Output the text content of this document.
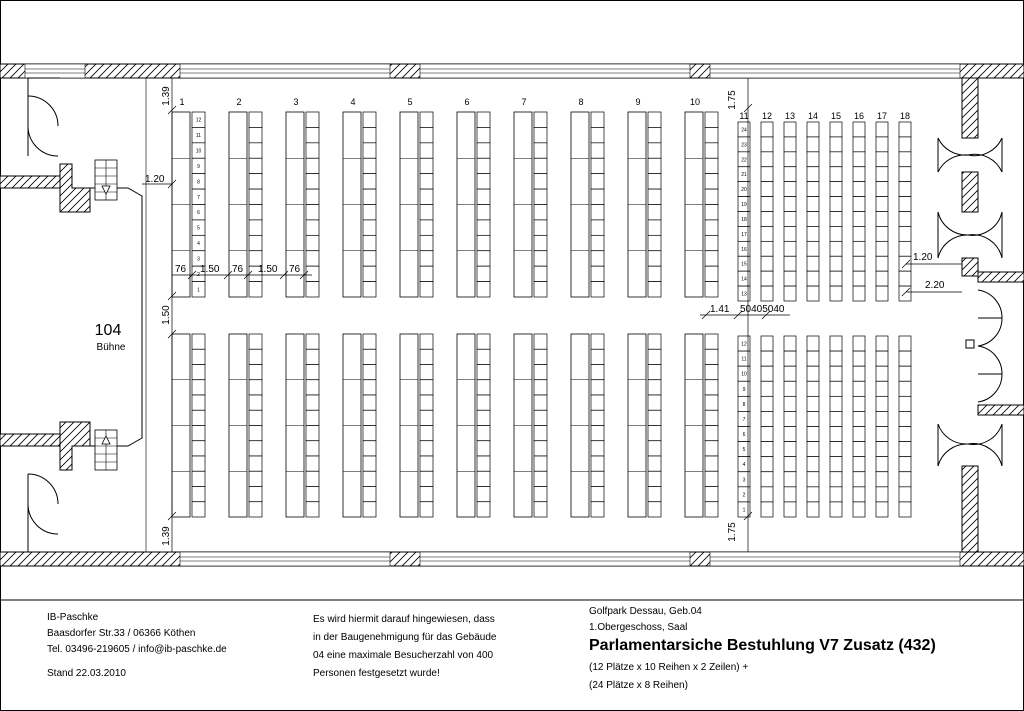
1	2	3	4	5	6	7	8	9	10
12
11
10
9
8
7
6
5
4
3
2
1
11
24
23
22
21
20
19
18
17
16
15
14
13
12
11
10
9
8
7
6
5
4
3
2
1
12 13 14 15 16 17 18
104
Bühne
1.39
1.50
1.39
1.20
76 1.50 76 1.50 76
1.75
1.75
1.41 50405040
1.20
2.20
IB-Paschke
Baasdorfer Str.33 / 06366 Köthen
Tel. 03496-219605 / info@ib-paschke.de
Stand 22.03.2010
Es wird hiermit darauf hingewiesen, dass
in der Baugenehmigung für das Gebäude
04 eine maximale Besucherzahl von 400
Personen festgesetzt wurde!
Golfpark Dessau, Geb.04
1.Obergeschoss, Saal
Parlamentarsiche Bestuhlung V7 Zusatz (432)
(12 Plätze x 10 Reihen x 2 Zeilen) +
(24 Plätze x 8 Reihen)
